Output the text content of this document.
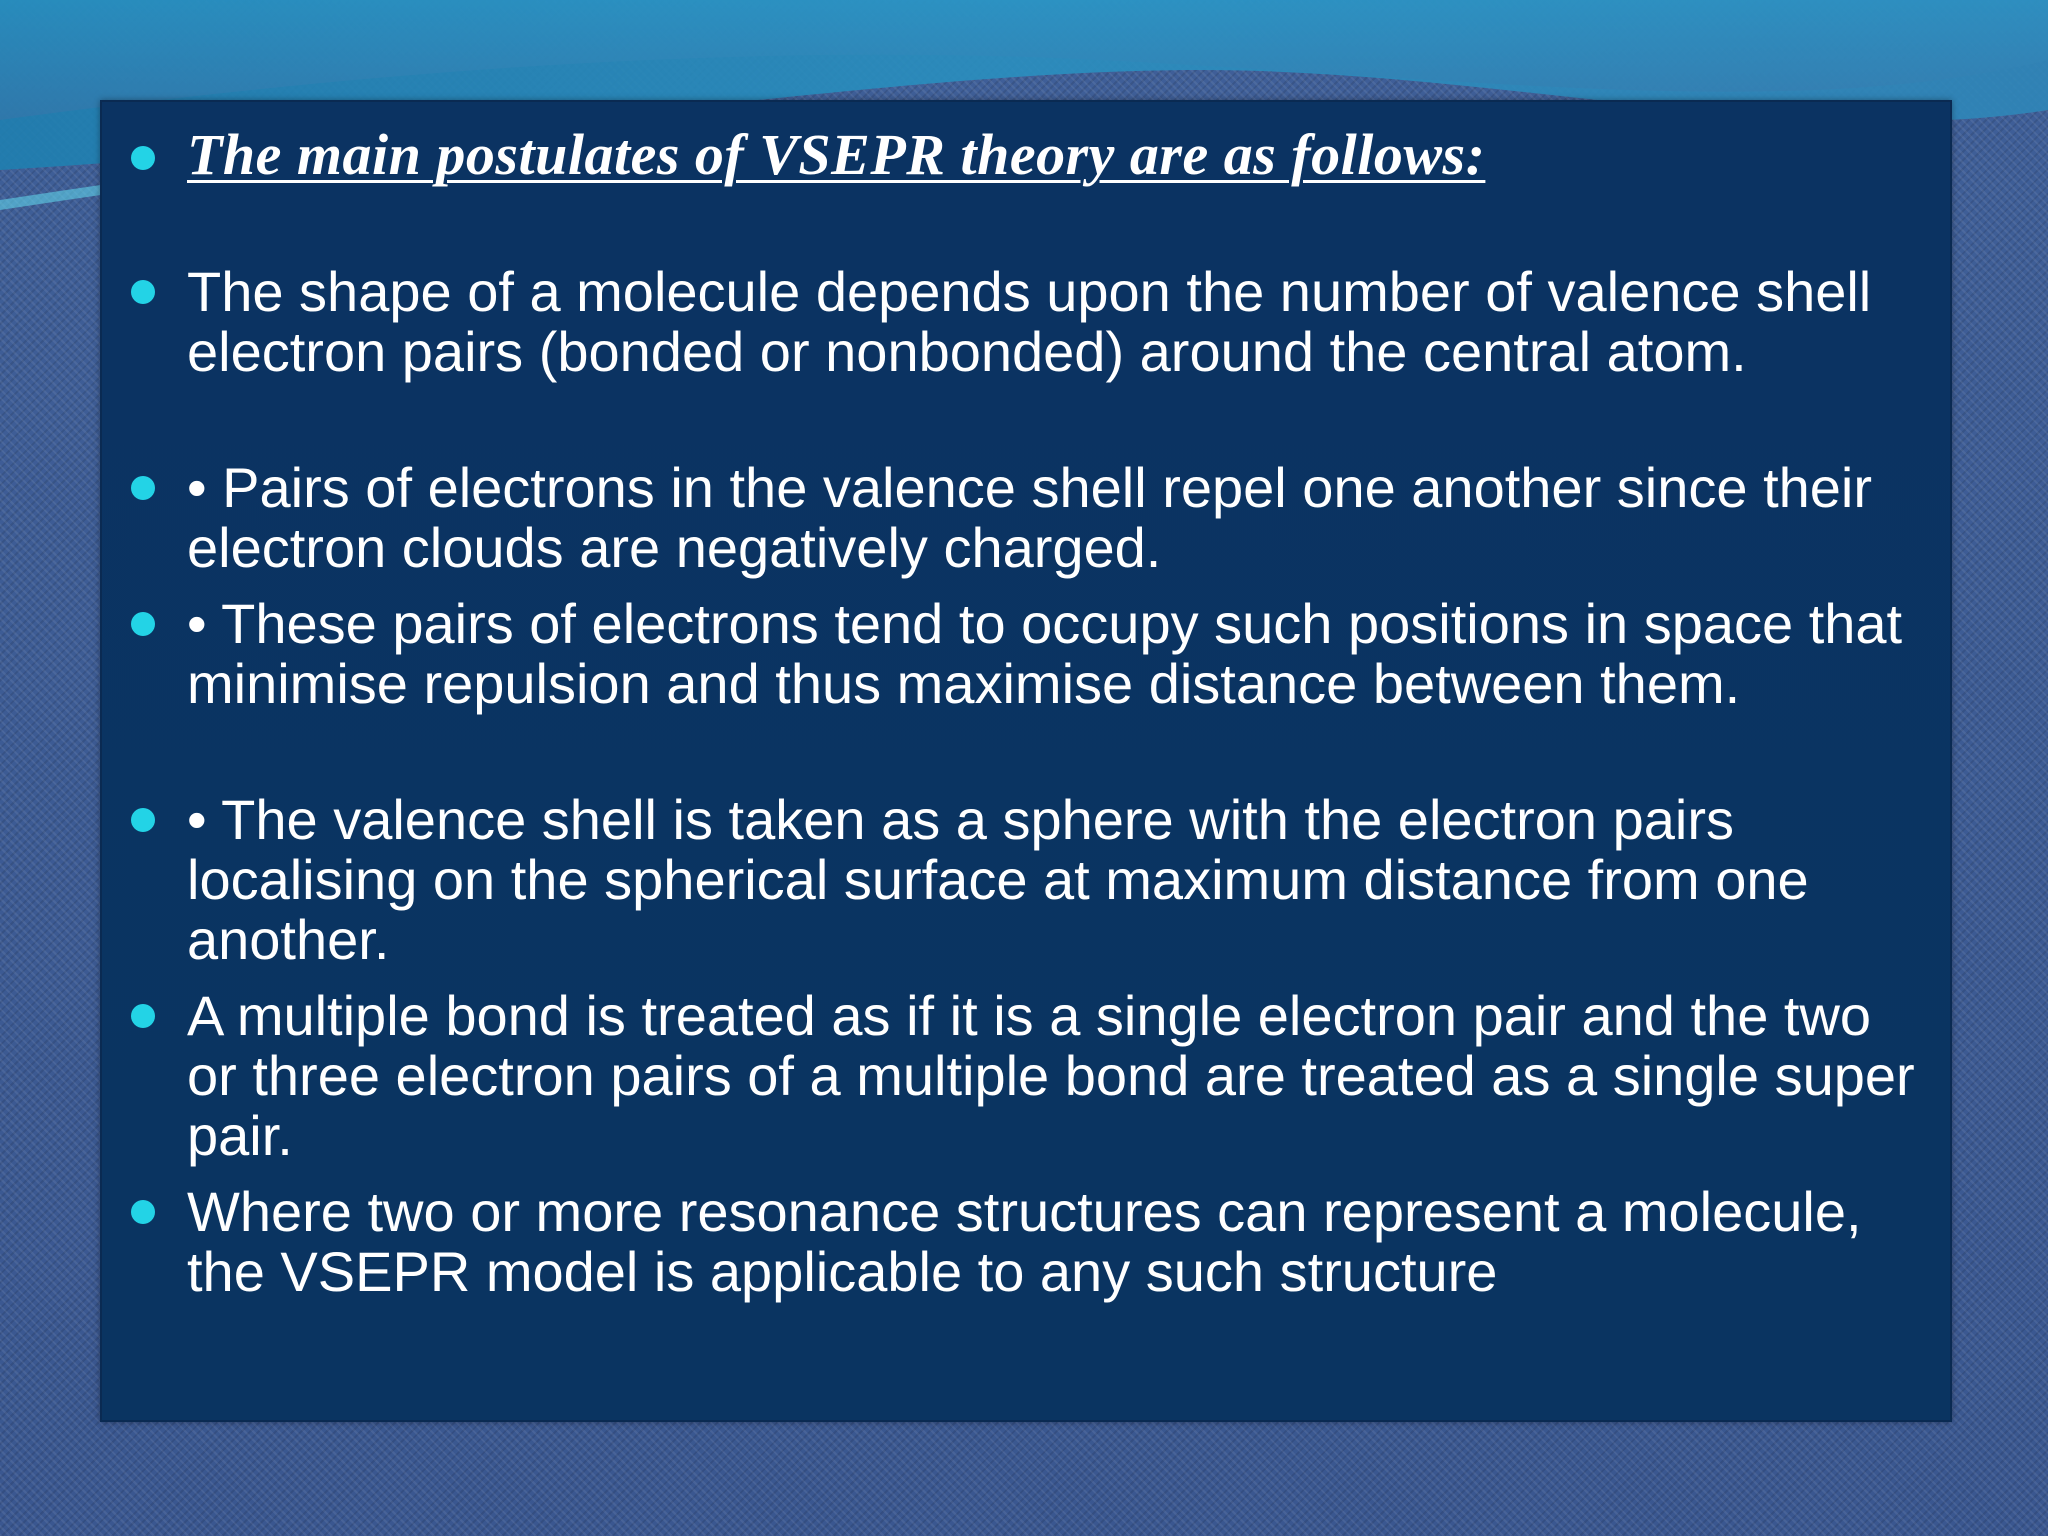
The main postulates of VSEPR theory are as follows:
The shape of a molecule depends upon the number of valence shell electron pairs (bonded or nonbonded) around the central atom.
• Pairs of electrons in the valence shell repel one another since their electron clouds are negatively charged.
• These pairs of electrons tend to occupy such positions in space that minimise repulsion and thus maximise distance between them.
• The valence shell is taken as a sphere with the electron pairs localising on the spherical surface at maximum distance from one another.
A multiple bond is treated as if it is a single electron pair and the two or three electron pairs of a multiple bond are treated as a single super pair.
Where two or more resonance structures can represent a molecule, the VSEPR model is applicable to any such structure
